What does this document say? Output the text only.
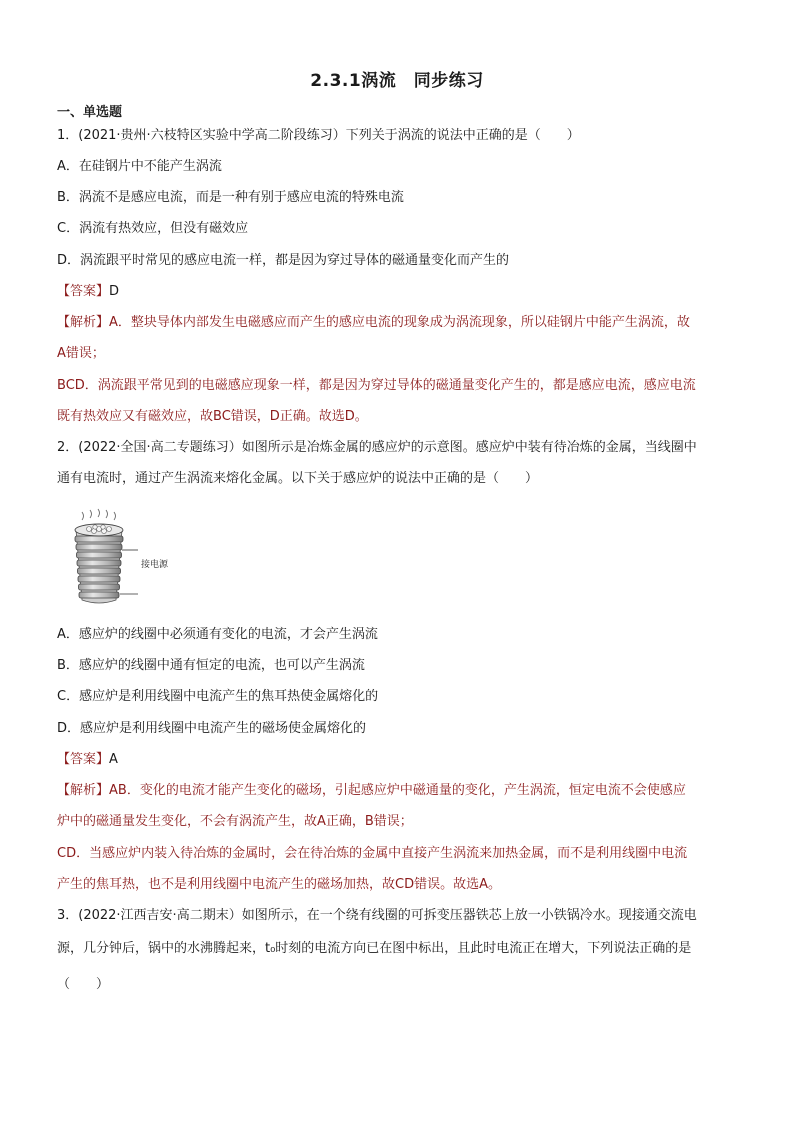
2.3.1涡流　同步练习
一、单选题
1．(2021·贵州·六枝特区实验中学高二阶段练习）下列关于涡流的说法中正确的是（　　）
A．在硅钢片中不能产生涡流
B．涡流不是感应电流，而是一种有别于感应电流的特殊电流
C．涡流有热效应，但没有磁效应
D．涡流跟平时常见的感应电流一样，都是因为穿过导体的磁通量变化而产生的
【答案】D
【解析】A．整块导体内部发生电磁感应而产生的感应电流的现象成为涡流现象，所以硅钢片中能产生涡流，故
A错误；
BCD．涡流跟平常见到的电磁感应现象一样，都是因为穿过导体的磁通量变化产生的，都是感应电流，感应电流
既有热效应又有磁效应，故BC错误，D正确。故选D。
2．(2022·全国·高二专题练习）如图所示是冶炼金属的感应炉的示意图。感应炉中装有待冶炼的金属，当线圈中
通有电流时，通过产生涡流来熔化金属。以下关于感应炉的说法中正确的是（　　）
接电源
A．感应炉的线圈中必须通有变化的电流，才会产生涡流
B．感应炉的线圈中通有恒定的电流，也可以产生涡流
C．感应炉是利用线圈中电流产生的焦耳热使金属熔化的
D．感应炉是利用线圈中电流产生的磁场使金属熔化的
【答案】A
【解析】AB．变化的电流才能产生变化的磁场，引起感应炉中磁通量的变化，产生涡流，恒定电流不会使感应
炉中的磁通量发生变化，不会有涡流产生，故A正确，B错误；
CD．当感应炉内装入待冶炼的金属时，会在待冶炼的金属中直接产生涡流来加热金属，而不是利用线圈中电流
产生的焦耳热，也不是利用线圈中电流产生的磁场加热，故CD错误。故选A。
3．(2022·江西吉安·高二期末）如图所示，在一个绕有线圈的可拆变压器铁芯上放一小铁锅冷水。现接通交流电
源，几分钟后，锅中的水沸腾起来，t₀时刻的电流方向已在图中标出，且此时电流正在增大，下列说法正确的是
（　　）
